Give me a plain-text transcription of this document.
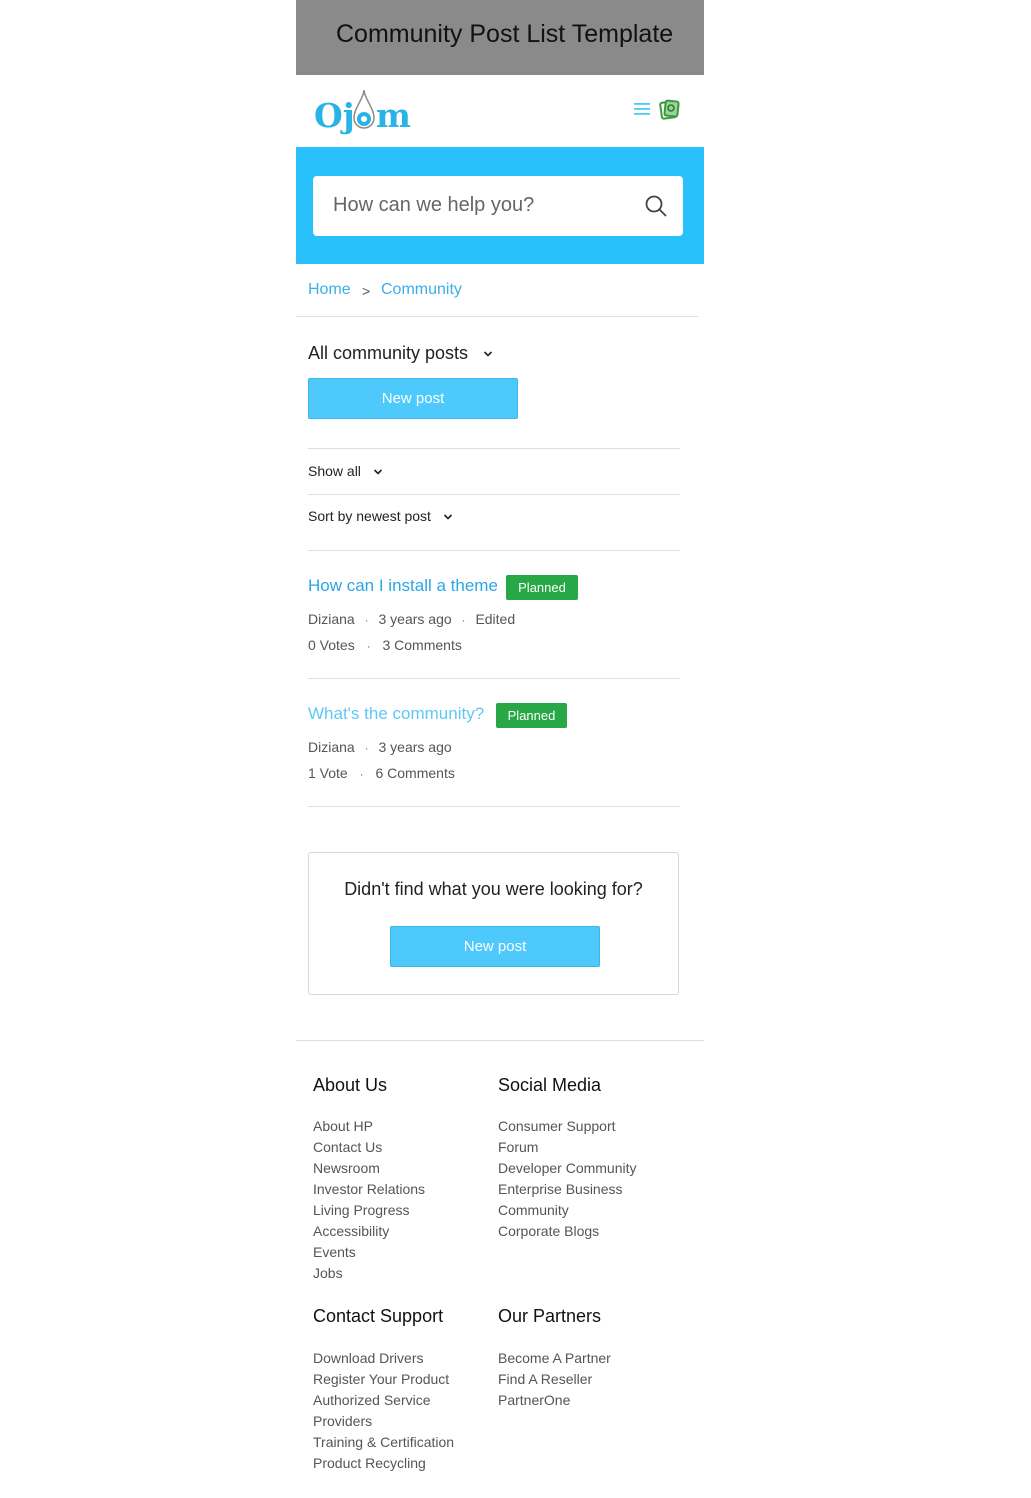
Community Post List Template
Oj m
How can we help you?
Home > Community
All community posts
New post
Show all
Sort by newest post
How can I install a theme	Planned
Diziana · 3 years ago · Edited
0 Votes · 3 Comments
What's the community?	Planned
Diziana · 3 years ago
1 Vote · 6 Comments
Didn't find what you were looking for?
New post
About Us
About HP
Contact Us
Newsroom
Investor Relations
Living Progress
Accessibility
Events
Jobs
Social Media
Consumer Support
Forum
Developer Community
Enterprise Business
Community
Corporate Blogs
Contact Support
Download Drivers
Register Your Product
Authorized Service
Providers
Training & Certification
Product Recycling
Our Partners
Become A Partner
Find A Reseller
PartnerOne
